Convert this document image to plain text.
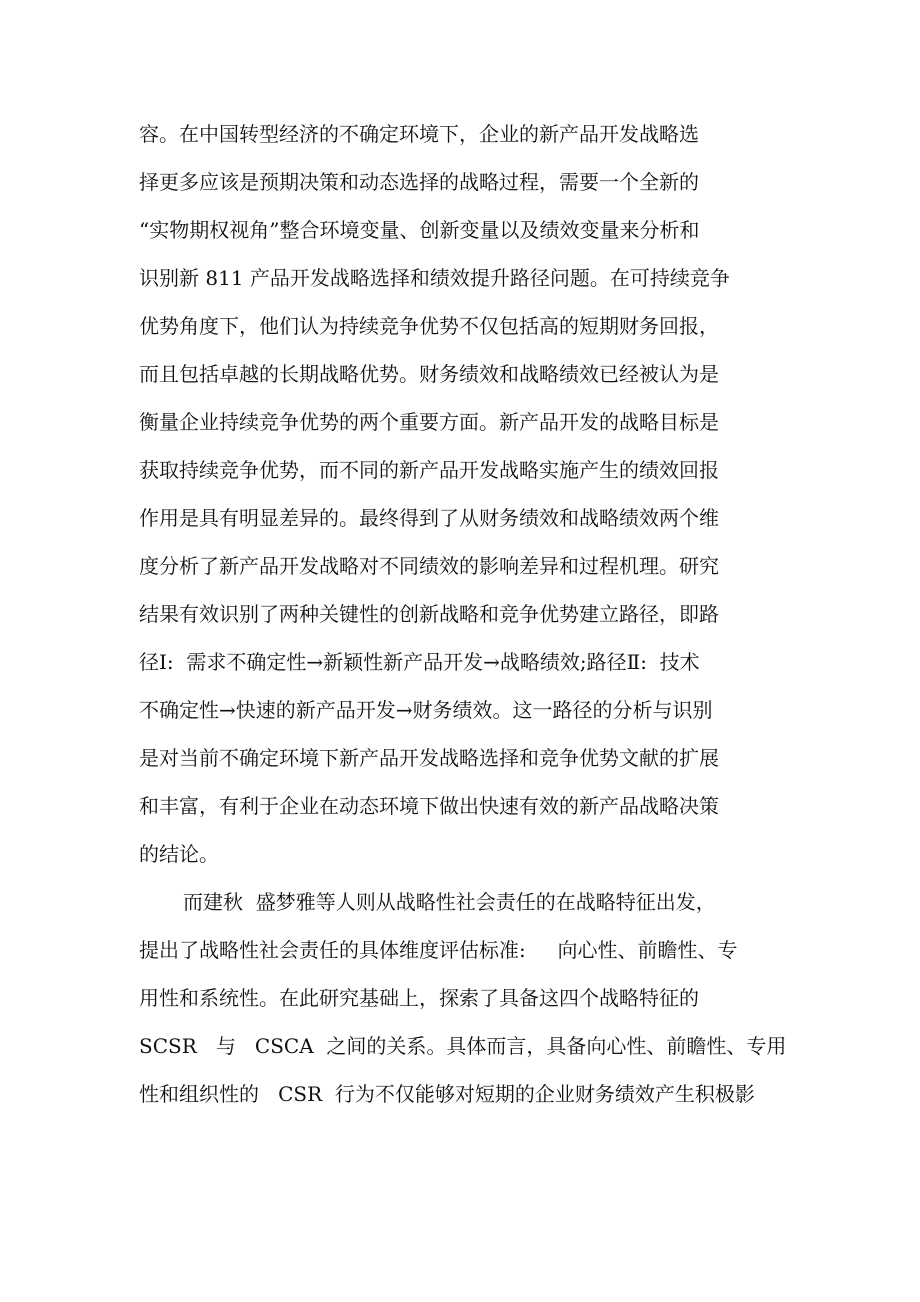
容。在中国转型经济的不确定环境下，企业的新产品开发战略选
择更多应该是预期决策和动态选择的战略过程，需要一个全新的
“实物期权视角”整合环境变量、创新变量以及绩效变量来分析和
识别新 811 产品开发战略选择和绩效提升路径问题。在可持续竞争
优势角度下，他们认为持续竞争优势不仅包括高的短期财务回报，
而且包括卓越的长期战略优势。财务绩效和战略绩效已经被认为是
衡量企业持续竞争优势的两个重要方面。新产品开发的战略目标是
获取持续竞争优势，而不同的新产品开发战略实施产生的绩效回报
作用是具有明显差异的。最终得到了从财务绩效和战略绩效两个维
度分析了新产品开发战略对不同绩效的影响差异和过程机理。研究
结果有效识别了两种关键性的创新战略和竞争优势建立路径，即路
径Ⅰ:  需求不确定性→新颖性新产品开发→战略绩效;路径Ⅱ:  技术
不确定性→快速的新产品开发→财务绩效。这一路径的分析与识别
是对当前不确定环境下新产品开发战略选择和竞争优势文献的扩展
和丰富，有利于企业在动态环境下做出快速有效的新产品战略决策
的结论。
而建秋  盛梦雅等人则从战略性社会责任的在战略特征出发，
提出了战略性社会责任的具体维度评估标准:     向心性、前瞻性、专
用性和系统性。在此研究基础上，探索了具备这四个战略特征的
SCSR   与   CSCA  之间的关系。具体而言，具备向心性、前瞻性、专用
性和组织性的   CSR  行为不仅能够对短期的企业财务绩效产生积极影
